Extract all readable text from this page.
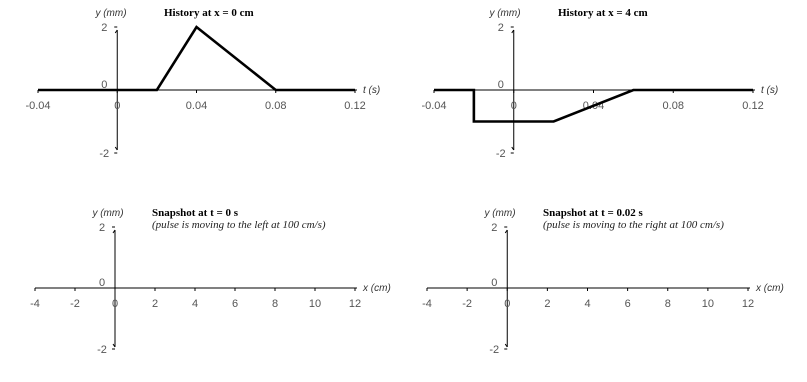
History at x = 0 cm
-0.04	0	0.04	0.08	0.12
2
0
-2
y (mm)
t (s)
History at x = 4 cm
-0.04	0	0.04	0.08	0.12
2
0
-2
y (mm)
t (s)
Snapshot at t = 0 s
(pulse is moving to the left at 100 cm/s)
-4	-2	0	2	4	6	8	10	12
2
0
-2
y (mm)
x (cm)
Snapshot at t = 0.02 s
(pulse is moving to the right at 100 cm/s)
-4	-2	0	2	4	6	8	10	12
2
0
-2
y (mm)
x (cm)
